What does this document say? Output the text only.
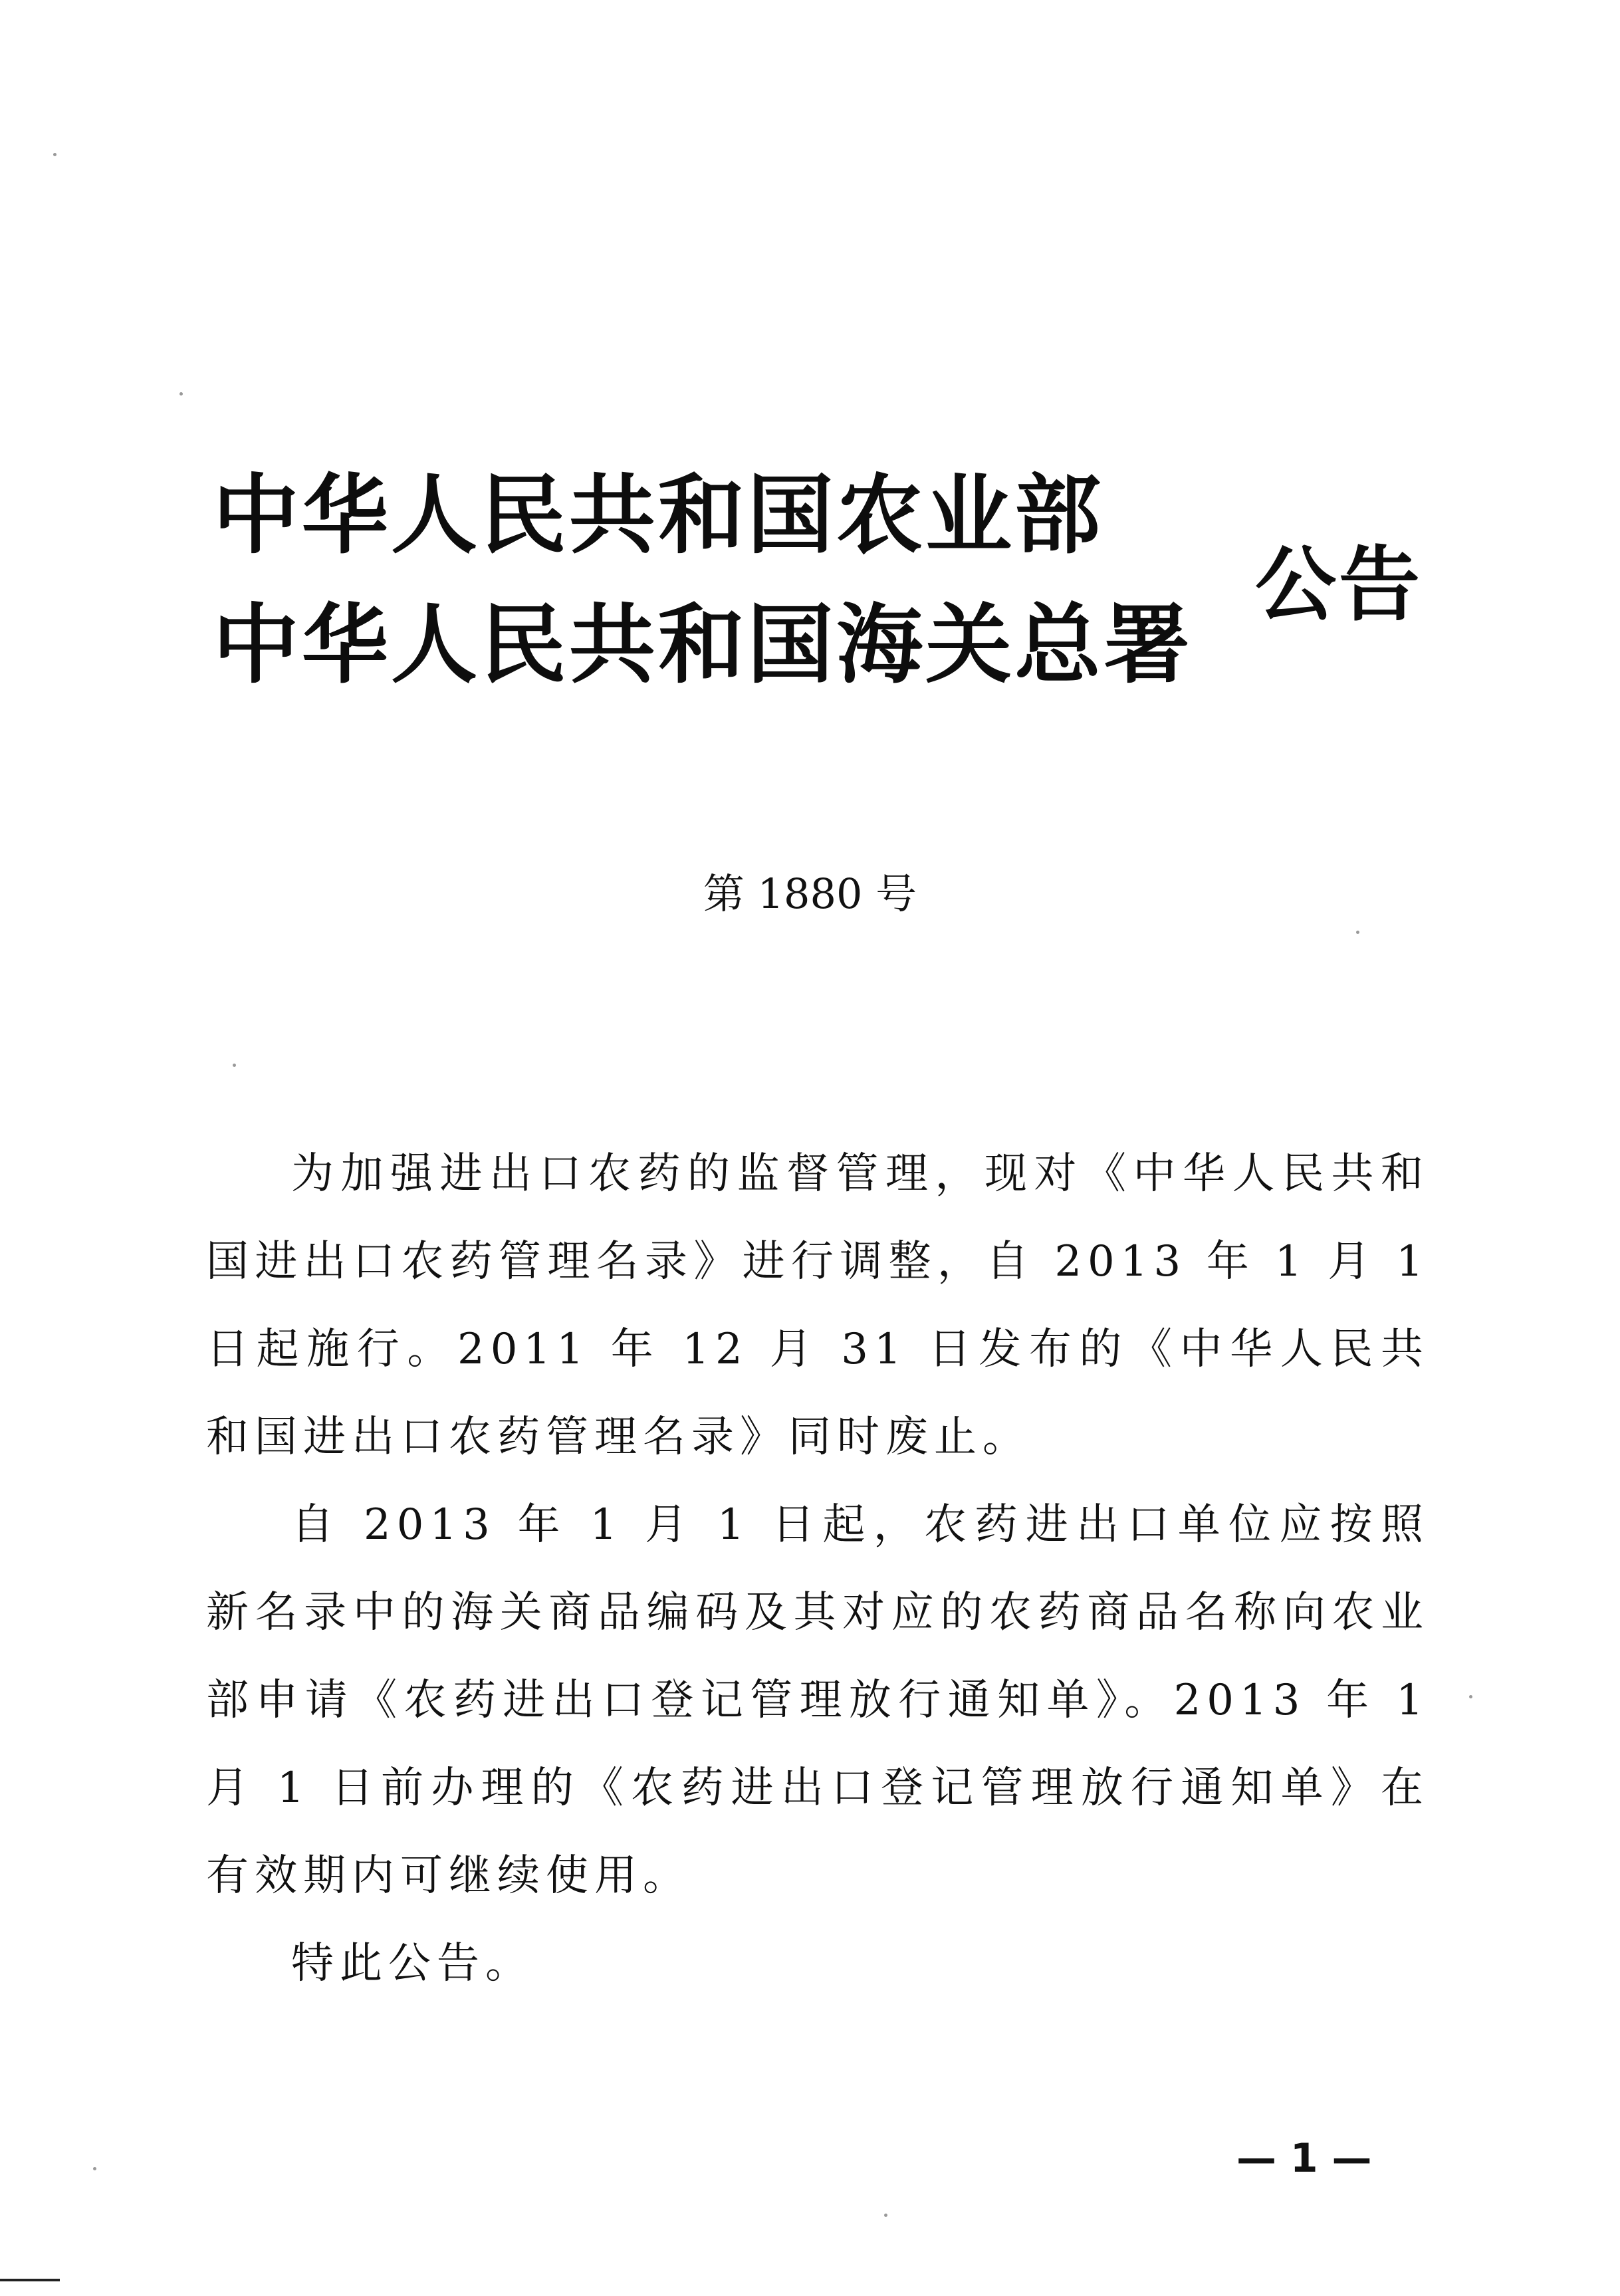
中华人民共和国农业部
中华人民共和国海关总署
公告
第 1880 号

为加强进出口农药的监督管理，现对《中华人民共和国进出口农药管理名录》进行调整，自 2013 年 1 月 1 日起施行。2011 年 12 月 31 日发布的《中华人民共和国进出口农药管理名录》同时废止。

自 2013 年 1 月 1 日起，农药进出口单位应按照新名录中的海关商品编码及其对应的农药商品名称向农业部申请《农药进出口登记管理放行通知单》。2013 年 1 月 1 日前办理的《农药进出口登记管理放行通知单》在有效期内可继续使用。

特此公告。

— 1 —
